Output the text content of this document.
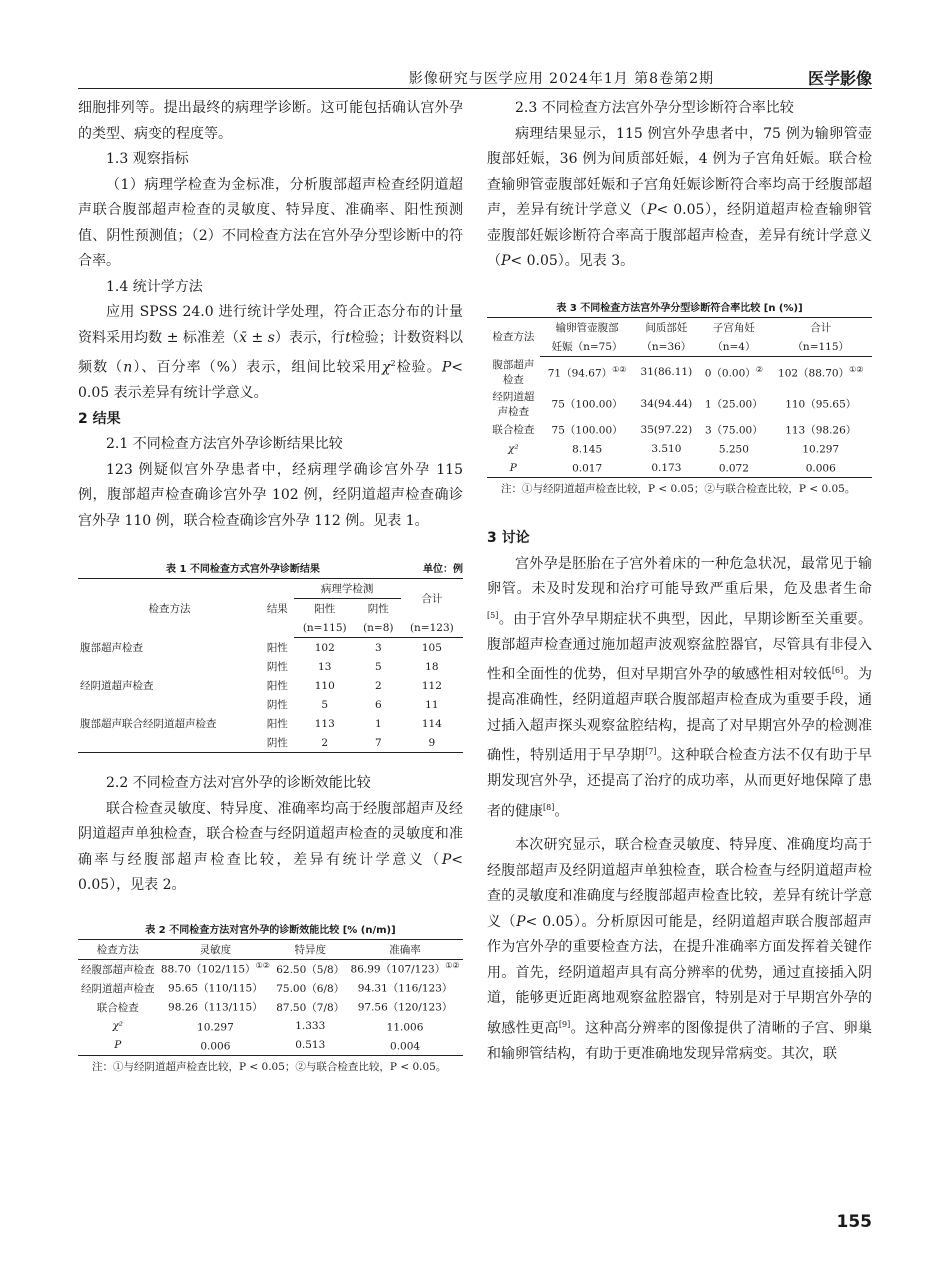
影像研究与医学应用 2024年1月 第8卷第2期	医学影像

细胞排列等。提出最终的病理学诊断。这可能包括确认宫外孕的类型、病变的程度等。

1.3 观察指标

（1）病理学检查为金标准，分析腹部超声检查经阴道超声联合腹部超声检查的灵敏度、特异度、准确率、阳性预测值、阴性预测值；（2）不同检查方法在宫外孕分型诊断中的符合率。

1.4 统计学方法

应用 SPSS 24.0 进行统计学处理，符合正态分布的计量资料采用均数 ± 标准差（x̄ ± s）表示，行t检验；计数资料以频数（n）、百分率（%）表示，组间比较采用$\chi^2$检验。P< 0.05 表示差异有统计学意义。

2 结果
2.1 不同检查方法宫外孕诊断结果比较

123 例疑似宫外孕患者中，经病理学确诊宫外孕 115 例，腹部超声检查确诊宫外孕 102 例，经阴道超声检查确诊宫外孕 110 例，联合检查确诊宫外孕 112 例。见表 1。

表 1 不同检查方式宫外孕诊断结果	单位：例
检查方法	结果	病理学检测		合计
		阳性	阴性	
		(n=115)	(n=8)	(n=123)
腹部超声检查	阳性	102	3	105
	阴性	13	5	18
经阴道超声检查	阳性	110	2	112
	阴性	5	6	11
腹部超声联合经阴道超声检查	阳性	113	1	114
	阴性	2	7	9
2.2 不同检查方法对宫外孕的诊断效能比较

联合检查灵敏度、特异度、准确率均高于经腹部超声及经阴道超声单独检查，联合检查与经阴道超声检查的灵敏度和准确率与经腹部超声检查比较，差异有统计学意义（P< 0.05），见表 2。

表 2 不同检查方法对宫外孕的诊断效能比较 [% (n/m)]
检查方法	灵敏度	特异度	准确率
经腹部超声检查	88.70（102/115）①②	62.50（5/8）	86.99（107/123）①②
经阴道超声检查	95.65（110/115）	75.00（6/8）	94.31（116/123）
联合检查	98.26（113/115）	87.50（7/8）	97.56（120/123）
χ²	10.297	1.333	11.006
P	0.006	0.513	0.004
注：①与经阴道超声检查比较，P < 0.05；②与联合检查比较，P < 0.05。
2.3 不同检查方法宫外孕分型诊断符合率比较

病理结果显示，115 例宫外孕患者中，75 例为输卵管壶腹部妊娠，36 例为间质部妊娠，4 例为子宫角妊娠。联合检查输卵管壶腹部妊娠和子宫角妊娠诊断符合率均高于经腹部超声，差异有统计学意义（P< 0.05），经阴道超声检查输卵管壶腹部妊娠诊断符合率高于腹部超声检查，差异有统计学意义（P< 0.05）。见表 3。

表 3 不同检查方法宫外孕分型诊断符合率比较 [n (%)]
检查方法	输卵管壶腹部	间质部妊	子宫角妊	合计
	妊娠（n=75）	（n=36）	（n=4）	（n=115）

腹部超声
检查	71（94.67）①②	31(86.11)	0（0.00）②	102（88.70）①②

经阴道超
声检查	75（100.00）	34(94.44)	1（25.00）	110（95.65）

联合检查	75（100.00）	35(97.22)	3（75.00）	113（98.26）

χ²	8.145	3.510	5.250	10.297

P	0.017	0.173	0.072	0.006
注：①与经阴道超声检查比较，P < 0.05；②与联合检查比较，P < 0.05。
3 讨论

宫外孕是胚胎在子宫外着床的一种危急状况，最常见于输卵管。未及时发现和治疗可能导致严重后果，危及患者生命[5]。由于宫外孕早期症状不典型，因此，早期诊断至关重要。腹部超声检查通过施加超声波观察盆腔器官，尽管具有非侵入性和全面性的优势，但对早期宫外孕的敏感性相对较低[6]。为提高准确性，经阴道超声联合腹部超声检查成为重要手段，通过插入超声探头观察盆腔结构，提高了对早期宫外孕的检测准确性，特别适用于早孕期[7]。这种联合检查方法不仅有助于早期发现宫外孕，还提高了治疗的成功率，从而更好地保障了患者的健康[8]。

本次研究显示，联合检查灵敏度、特异度、准确度均高于经腹部超声及经阴道超声单独检查，联合检查与经阴道超声检查的灵敏度和准确度与经腹部超声检查比较，差异有统计学意义（P< 0.05）。分析原因可能是，经阴道超声联合腹部超声作为宫外孕的重要检查方法，在提升准确率方面发挥着关键作用。首先，经阴道超声具有高分辨率的优势，通过直接插入阴道，能够更近距离地观察盆腔器官，特别是对于早期宫外孕的敏感性更高[9]。这种高分辨率的图像提供了清晰的子宫、卵巢和输卵管结构，有助于更准确地发现异常病变。其次，联

155
